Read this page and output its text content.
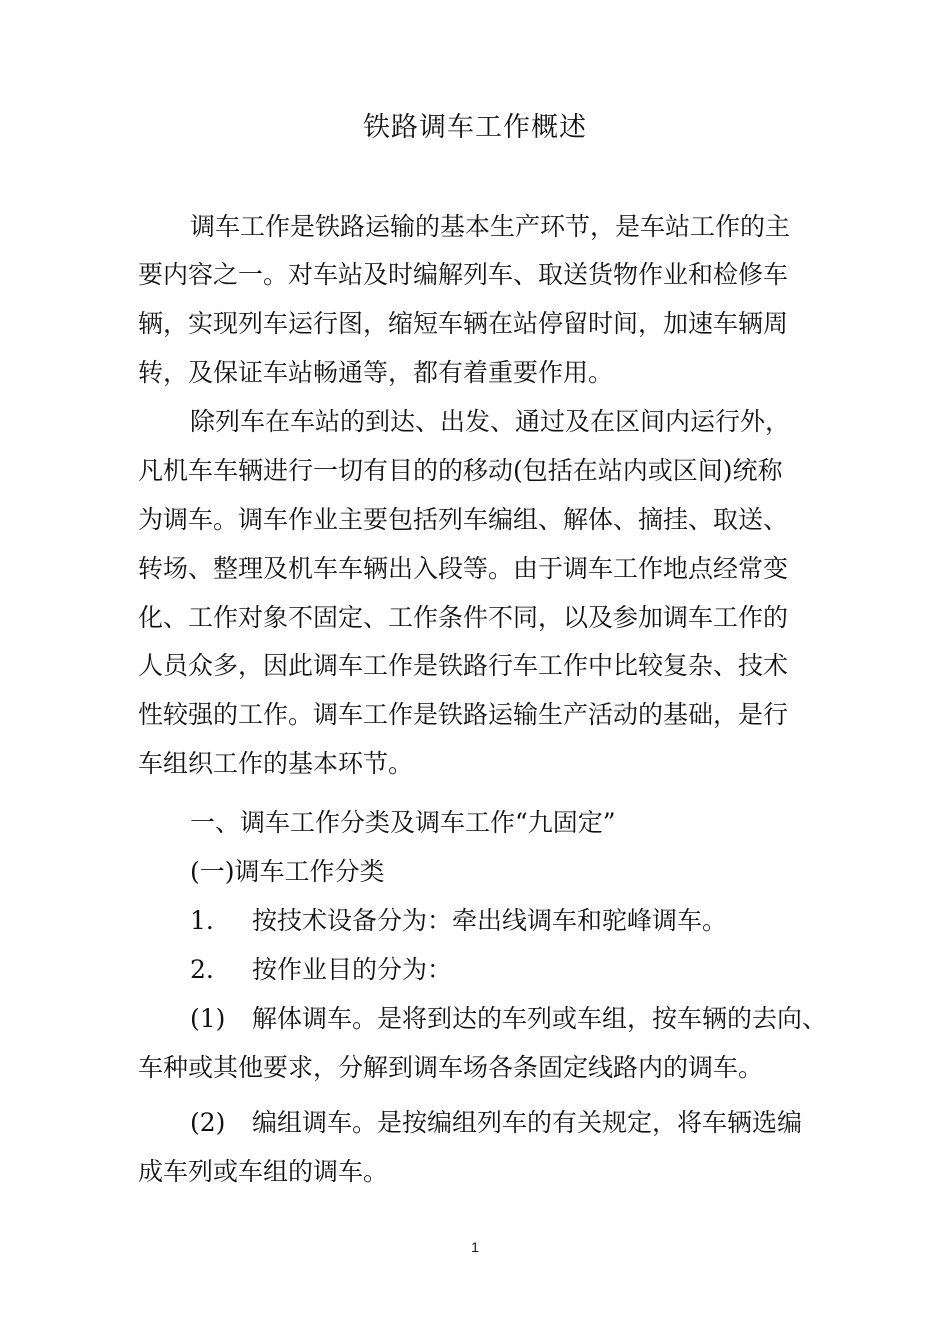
铁路调车工作概述
调车工作是铁路运输的基本生产环节，是车站工作的主
要内容之一。对车站及时编解列车、取送货物作业和检修车
辆，实现列车运行图，缩短车辆在站停留时间，加速车辆周
转，及保证车站畅通等，都有着重要作用。
除列车在车站的到达、出发、通过及在区间内运行外，
凡机车车辆进行一切有目的的移动(包括在站内或区间)统称
为调车。调车作业主要包括列车编组、解体、摘挂、取送、
转场、整理及机车车辆出入段等。由于调车工作地点经常变
化、工作对象不固定、工作条件不同，以及参加调车工作的
人员众多，因此调车工作是铁路行车工作中比较复杂、技术
性较强的工作。调车工作是铁路运输生产活动的基础，是行
车组织工作的基本环节。
一、调车工作分类及调车工作“九固定”
(一)调车工作分类
1. 按技术设备分为：牵出线调车和驼峰调车。
2. 按作业目的分为：
(1) 解体调车。是将到达的车列或车组，按车辆的去向、
车种或其他要求，分解到调车场各条固定线路内的调车。
(2) 编组调车。是按编组列车的有关规定，将车辆选编
成车列或车组的调车。
1
